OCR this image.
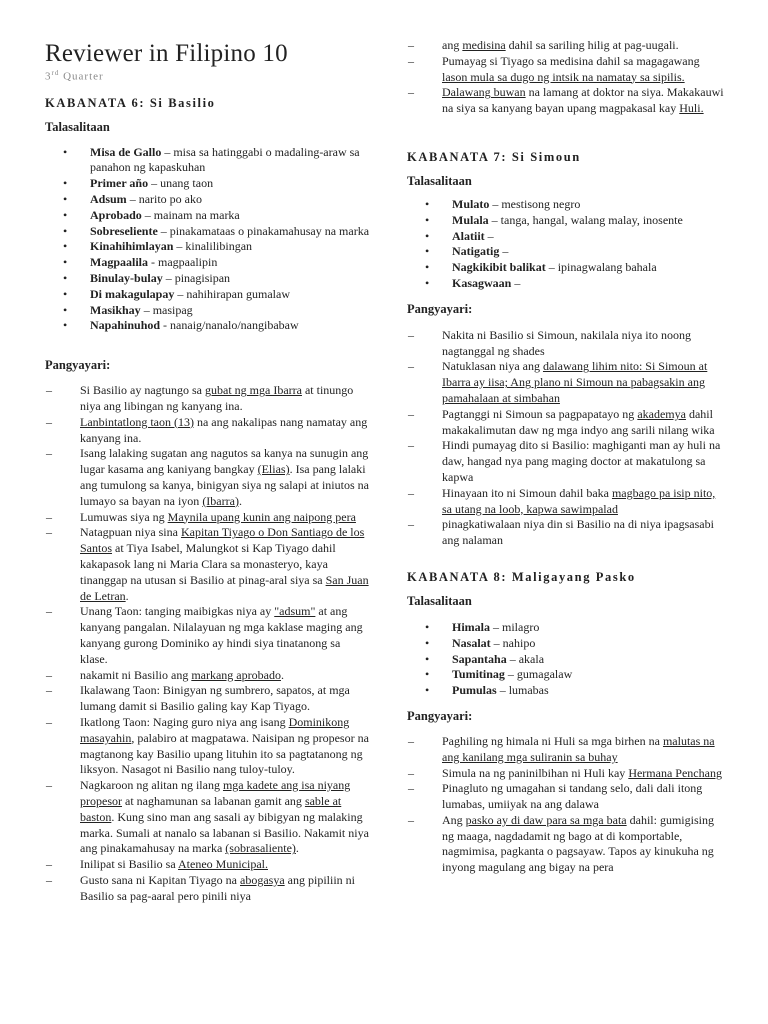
Reviewer in Filipino 10
3rd Quarter
KABANATA 6: Si Basilio
Talasalitaan
• Misa de Gallo – misa sa hatinggabi o madaling-araw sa panahon ng kapaskuhan
• Primer año – unang taon
• Adsum – narito po ako
• Aprobado – mainam na marka
• Sobreseliente – pinakamataas o pinakamahusay na marka
• Kinahihimlayan – kinalilibingan
• Magpaalila - magpaalipin
• Binulay-bulay – pinagisipan
• Di makagulapay – nahihirapan gumalaw
• Masikhay – masipag
• Napahinuhod - nanaig/nanalo/nangibabaw
Pangyayari:
– Si Basilio ay nagtungo sa gubat ng mga Ibarra at tinungo niya ang libingan ng kanyang ina.
– Lanbintatlong taon (13) na ang nakalipas nang namatay ang kanyang ina.
– Isang lalaking sugatan ang nagutos sa kanya na sunugin ang lugar kasama ang kaniyang bangkay (Elias). Isa pang lalaki ang tumulong sa kanya, binigyan siya ng salapi at iniutos na lumayo sa bayan na iyon (Ibarra).
– Lumuwas siya ng Maynila upang kunin ang naipong pera
– Natagpuan niya sina Kapitan Tiyago o Don Santiago de los Santos at Tiya Isabel, Malungkot si Kap Tiyago dahil kakapasok lang ni Maria Clara sa monasteryo, kaya tinanggap na utusan si Basilio at pinag-aral siya sa San Juan de Letran.
– Unang Taon: tanging maibigkas niya ay "adsum" at ang kanyang pangalan. Nilalayuan ng mga kaklase maging ang kanyang gurong Dominiko ay hindi siya tinatanong sa klase.
– nakamit ni Basilio ang markang aprobado.
– Ikalawang Taon: Binigyan ng sumbrero, sapatos, at mga lumang damit si Basilio galing kay Kap Tiyago.
– Ikatlong Taon: Naging guro niya ang isang Dominikong masayahin, palabiro at magpatawa. Naisipan ng propesor na magtanong kay Basilio upang lituhin ito sa pagtatanong ng liksyon. Nasagot ni Basilio nang tuloy-tuloy.
– Nagkaroon ng alitan ng ilang mga kadete ang isa niyang propesor at naghamunan sa labanan gamit ang sable at baston. Kung sino man ang sasali ay bibigyan ng malaking marka. Sumali at nanalo sa labanan si Basilio. Nakamit niya ang pinakamahusay na marka (sobrasaliente).
– Inilipat si Basilio sa Ateneo Municipal.
– Gusto sana ni Kapitan Tiyago na abogasya ang pipiliin ni Basilio sa pag-aaral pero pinili niya
– ang medisina dahil sa sariling hilig at pag-uugali.
– Pumayag si Tiyago sa medisina dahil sa magagawang lason mula sa dugo ng intsik na namatay sa sipilis.
– Dalawang buwan na lamang at doktor na siya. Makakauwi na siya sa kanyang bayan upang magpakasal kay Huli.
KABANATA 7: Si Simoun
Talasalitaan
• Mulato – mestisong negro
• Mulala – tanga, hangal, walang malay, inosente
• Alatiit –
• Natigatig –
• Nagkikibit balikat – ipinagwalang bahala
• Kasagwaan –
Pangyayari:
– Nakita ni Basilio si Simoun, nakilala niya ito noong nagtanggal ng shades
– Natuklasan niya ang dalawang lihim nito: Si Simoun at Ibarra ay iisa; Ang plano ni Simoun na pabagsakin ang pamahalaan at simbahan
– Pagtanggi ni Simoun sa pagpapatayo ng akademya dahil makakalimutan daw ng mga indyo ang sarili nilang wika
– Hindi pumayag dito si Basilio: maghiganti man ay huli na daw, hangad nya pang maging doctor at makatulong sa kapwa
– Hinayaan ito ni Simoun dahil baka magbago pa isip nito, sa utang na loob, kapwa sawimpalad
– pinagkatiwalaan niya din si Basilio na di niya ipagsasabi ang nalaman
KABANATA 8: Maligayang Pasko
Talasalitaan
• Himala – milagro
• Nasalat – nahipo
• Sapantaha – akala
• Tumitinag – gumagalaw
• Pumulas – lumabas
Pangyayari:
– Paghiling ng himala ni Huli sa mga birhen na malutas na ang kanilang mga suliranin sa buhay
– Simula na ng paninilbihan ni Huli kay Hermana Penchang
– Pinagluto ng umagahan si tandang selo, dali dali itong lumabas, umiiyak na ang dalawa
– Ang pasko ay di daw para sa mga bata dahil: gumigising ng maaga, nagdadamit ng bago at di komportable, nagmimisa, pagkanta o pagsayaw. Tapos ay kinukuha ng inyong magulang ang bigay na pera
